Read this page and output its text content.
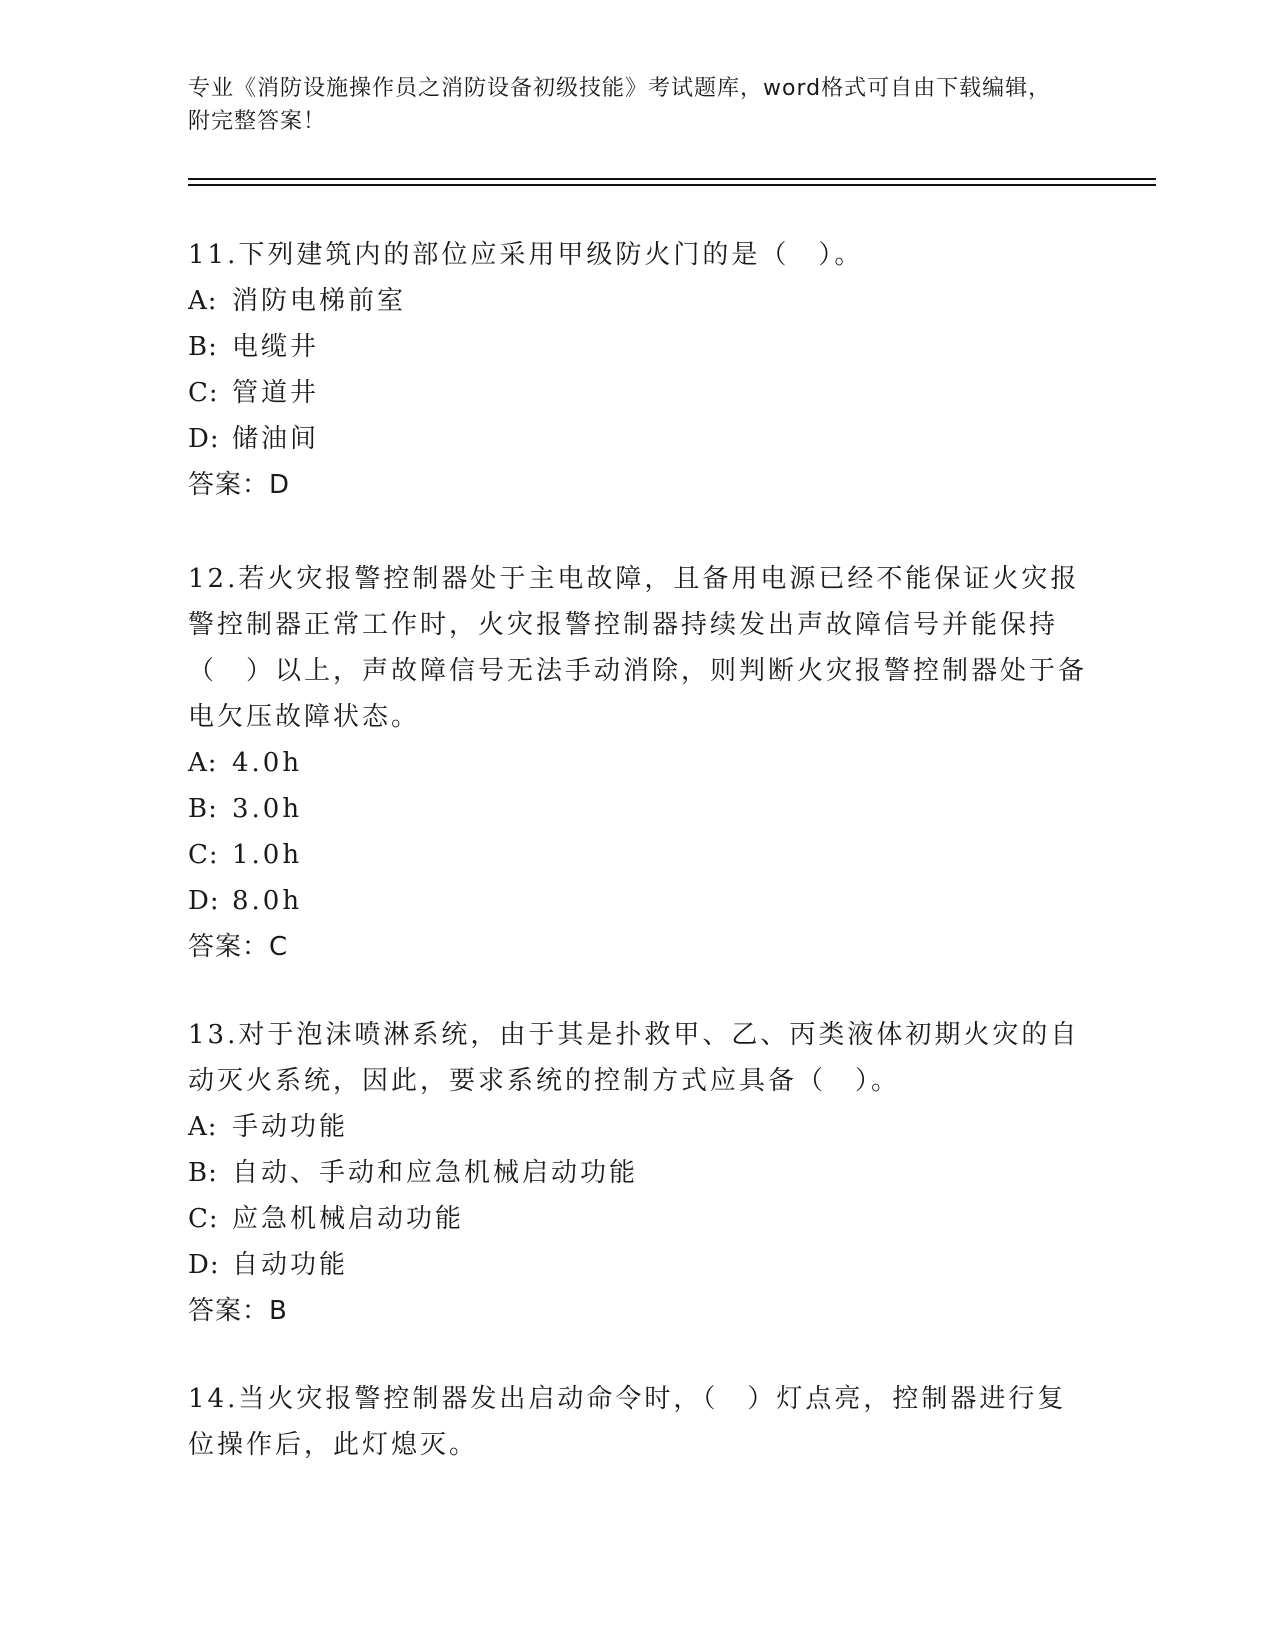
专业《消防设施操作员之消防设备初级技能》考试题库，word格式可自由下载编辑，附完整答案！

11.下列建筑内的部位应采用甲级防火门的是（　）。

A: 消防电梯前室

B: 电缆井

C: 管道井

D: 储油间

答案：D

12.若火灾报警控制器处于主电故障，且备用电源已经不能保证火灾报警控制器正常工作时，火灾报警控制器持续发出声故障信号并能保持（　）以上，声故障信号无法手动消除，则判断火灾报警控制器处于备电欠压故障状态。

A: 4.0h

B: 3.0h

C: 1.0h

D: 8.0h

答案：C

13.对于泡沫喷淋系统，由于其是扑救甲、乙、丙类液体初期火灾的自动灭火系统，因此，要求系统的控制方式应具备（　）。

A: 手动功能

B: 自动、手动和应急机械启动功能

C: 应急机械启动功能

D: 自动功能

答案：B

14.当火灾报警控制器发出启动命令时，（　）灯点亮，控制器进行复位操作后，此灯熄灭。
